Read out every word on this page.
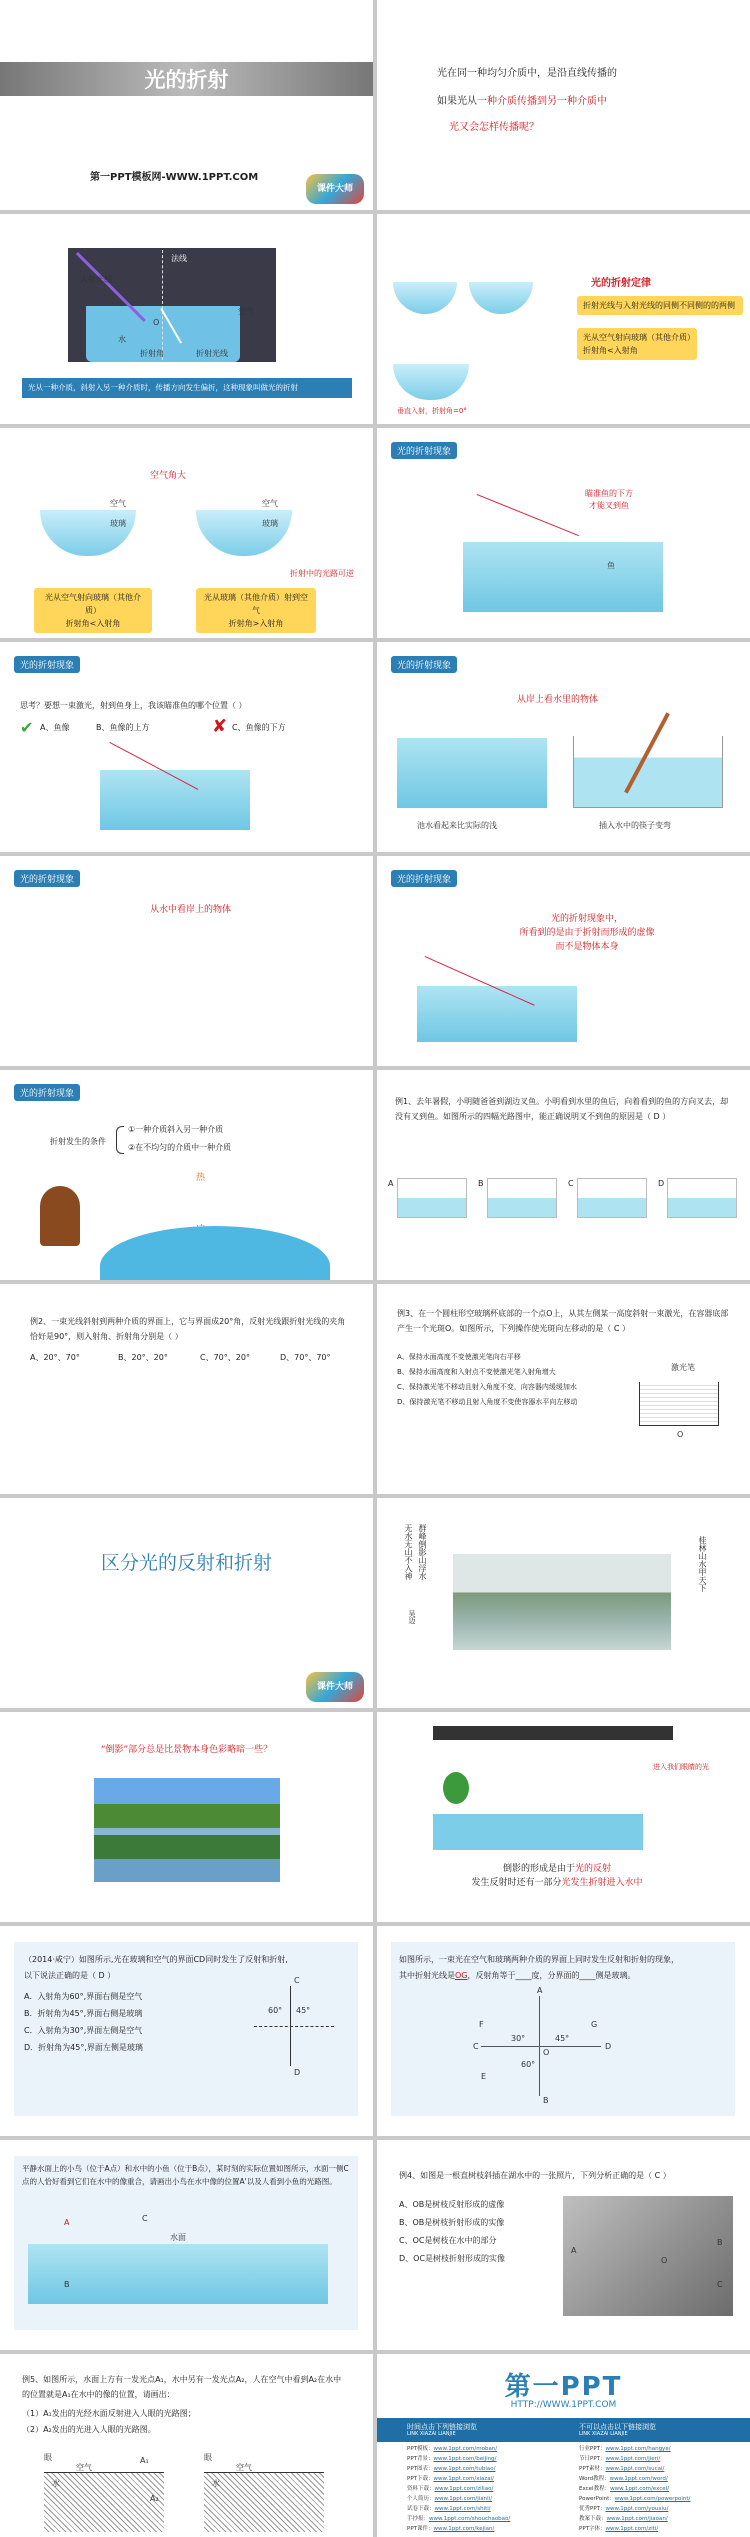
光的折射
第一PPT模板网-WWW.1PPT.COM
课件大师
光在同一种均匀介质中，是沿直线传播的
如果光从一种介质传播到另一种介质中
光又会怎样传播呢？
法线
入射光线
空气
O
水
折射角	折射光线
光从一种介质，斜射入另一种介质时，传播方向发生偏折，这种现象叫做光的折射
光的折射定律
折射光线与入射光线的同侧不同侧的的两侧
光从空气射向玻璃（其他介质）
折射角<入射角
垂直入射，折射角=0°
空气角大
空气
玻璃
空气
玻璃
折射中的光路可逆
光从空气射向玻璃（其他介质）
折射角<入射角
光从玻璃（其他介质）射到空气
折射角>入射角
光的折射现象
瞄准鱼的下方
才能叉到鱼
鱼
光的折射现象
思考？要想一束激光，射到鱼身上，我该瞄准鱼的哪个位置（ ）
✔ A、鱼像	B、鱼像的上方	✘ C、鱼像的下方
光的折射现象
从岸上看水里的物体
池水看起来比实际的浅	插入水中的筷子变弯
光的折射现象
从水中看岸上的物体
光的折射现象
光的折射现象中，
所看到的是由于折射而形成的虚像
而不是物体本身
光的折射现象
折射发生的条件
①一种介质斜入另一种介质
②在不均匀的介质中一种介质
热
例1、去年暑假，小明随爸爸到湖边叉鱼。小明看到水里的鱼后，向着看到的鱼的方向叉去，却没有叉到鱼。如图所示的四幅光路图中，能正确说明叉不到鱼的原因是（ D ）
A	B	C	D
例2、一束光线斜射到两种介质的界面上，它与界面成20°角，反射光线跟折射光线的夹角恰好是90°，则入射角、折射角分别是（ ）
A、20°、70°	B、20°、20°	C、70°、20°	D、70°、70°
例3、在一个圆柱形空玻璃杯底部的一个点O上，从其左侧某一高度斜射一束激光，在容器底部产生一个光斑O。如图所示，下列操作使光斑向左移动的是（ C ）
A、保持水面高度不变使激光笔向右平移
B、保持水面高度和入射点不变使激光笔入射角增大
C、保持激光笔不移动且射入角度不变，向容器内缓缓加水
D、保持激光笔不移动且射入角度不变使容器水平向左移动
激光笔
O
区分光的反射和折射
课件大师
群峰倒影山浮水
无水无山不入神
吴迈
桂林山水甲天下
“倒影”部分总是比景物本身色彩略暗一些？
进入我们眼睛的光
倒影的形成是由于光的反射
发生反射时还有一部分光发生折射进入水中
（2014·咸宁）如图所示,光在玻璃和空气的界面CD同时发生了反射和折射,
以下说法正确的是（ D ）
A．入射角为60°,界面右侧是空气
B．折射角为45°,界面右侧是玻璃
C．入射角为30°,界面左侧是空气
D．折射角为45°,界面左侧是玻璃
60° 45°
C
D
如图所示，一束光在空气和玻璃两种介质的界面上同时发生反射和折射的现象，
其中折射光线是OG，反射角等于____度，分界面的____侧是玻璃。
A
F
C
E
D
B
G
O
30°	45°
60°
平静水面上的小鸟（位于A点）和水中的小鱼（位于B点），某时刻的实际位置如图所示，水面一侧C点的人恰好看到它们在水中的像重合，请画出小鸟在水中像的位置A'以及人看到小鱼的光路图。
水面
A
B
C
例4、如图是一根直树枝斜插在湖水中的一张照片，下列分析正确的是（ C ）
A、OB是树枝反射形成的虚像
B、OB是树枝折射形成的实像
C、OC是树枝在水中的部分
D、OC是树枝折射形成的实像
A
B
O
C
例5、如图所示，水面上方有一发光点A₁，水中另有一发光点A₂，人在空气中看到A₂在水中
的位置就是A₁在水中的像的位置，请画出：
（1）A₁发出的光经水面反射进入人眼的光路图；
（2）A₂发出的光进入人眼的光路图。
眼	眼
空气	空气
水	水
A₁
A₂
第一PPT
HTTP://WWW.1PPT.COM
时间点击下列链接浏览
LINK XIAZAI LIANJIE
不可以点击以下链接浏览
LINK XIAZAI LIANJIE
PPT模板：www.1ppt.com/moban/
PPT背景：www.1ppt.com/beijing/
PPT图表：www.1ppt.com/tubiao/
PPT下载：www.1ppt.com/xiazai/
资料下载：www.1ppt.com/ziliao/
个人简历：www.1ppt.com/jianli/
试卷下载：www.1ppt.com/shiti/
手抄报：www.1ppt.com/shouchaobao/
PPT课件：www.1ppt.com/kejian/
行业PPT：www.1ppt.com/hangye/
节日PPT：www.1ppt.com/jieri/
PPT素材：www.1ppt.com/sucai/
Word教程：www.1ppt.com/word/
Excel教程：www.1ppt.com/excel/
PowerPoint：www.1ppt.com/powerpoint/
优秀PPT：www.1ppt.com/youxiu/
教案下载：www.1ppt.com/jiaoan/
PPT字体：www.1ppt.com/ziti/
